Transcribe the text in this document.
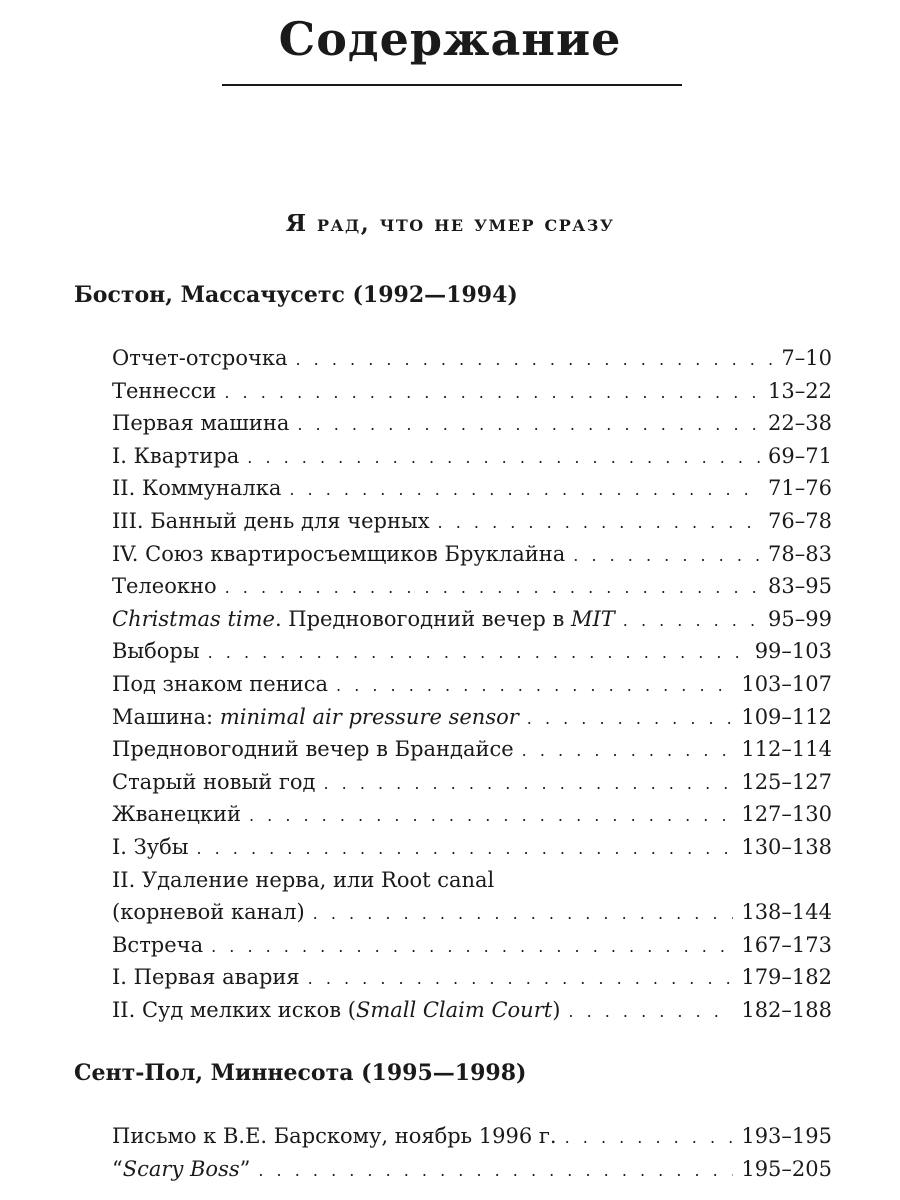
Содержание
Я рад, что не умер сразу
Бостон, Массачусетс (1992—1994)
Отчет-отсрочка . . .	7–10
Теннесси . . .	13–22
Первая машина . . .	22–38
I. Квартира . . .	69–71
II. Коммуналка . . .	71–76
III. Банный день для черных . . .	76–78
IV. Союз квартиросъемщиков Бруклайна . . .	78–83
Телеокно . . .	83–95
Christmas time. Предновогодний вечер в MIT . . .	95–99
Выборы . . .	99–103
Под знаком пениса . . .	103–107
Машина: minimal air pressure sensor . . .	109–112
Предновогодний вечер в Брандайсе . . .	112–114
Старый новый год . . .	125–127
Жванецкий . . .	127–130
I. Зубы . . .	130–138
II. Удаление нерва, или Root canal
(корневой канал) . . .	138–144
Встреча . . .	167–173
I. Первая авария . . .	179–182
II. Суд мелких исков (Small Claim Court) . . .	182–188
Сент-Пол, Миннесота (1995—1998)
Письмо к В.Е. Барскому, ноябрь 1996 г. . . .	193–195
“Scary Boss” . . .	195–205
